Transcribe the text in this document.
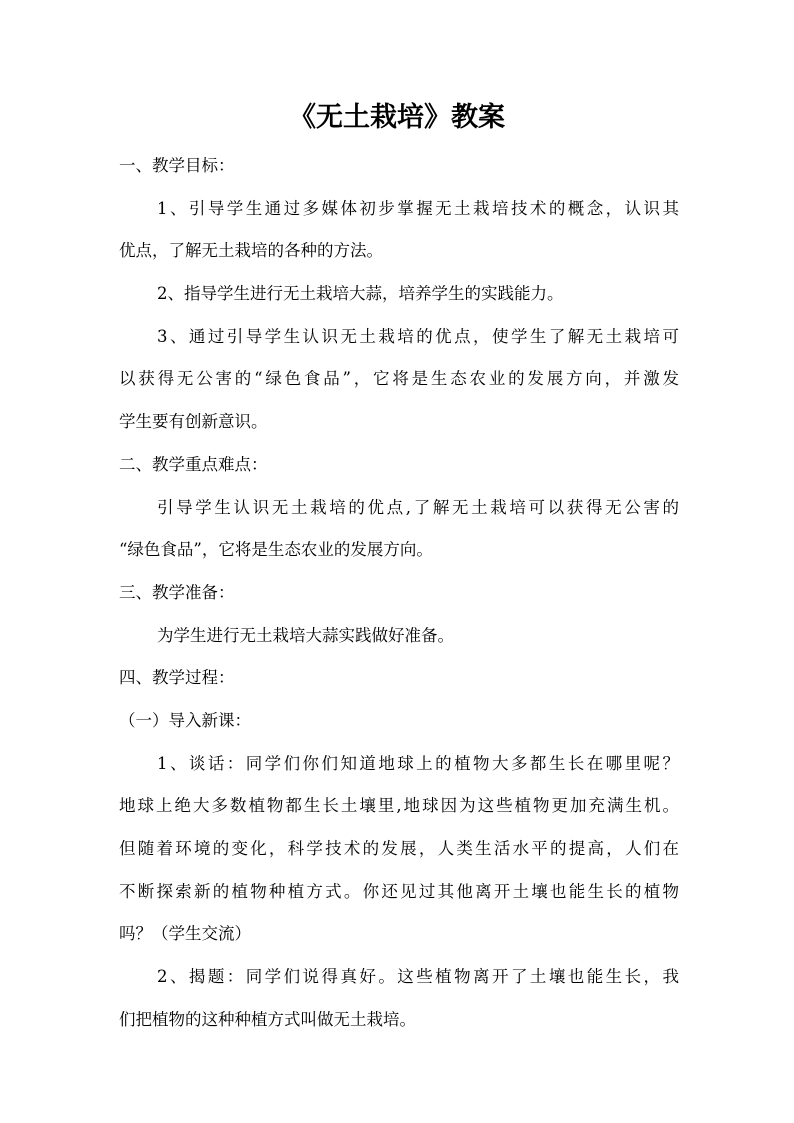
《无土栽培》教案
一、教学目标：
1、引导学生通过多媒体初步掌握无土栽培技术的概念，认识其
优点，了解无土栽培的各种的方法。
2、指导学生进行无土栽培大蒜，培养学生的实践能力。
3、通过引导学生认识无土栽培的优点，使学生了解无土栽培可
以获得无公害的“绿色食品”，它将是生态农业的发展方向，并激发
学生要有创新意识。
二、教学重点难点：
引导学生认识无土栽培的优点,了解无土栽培可以获得无公害的
“绿色食品”，它将是生态农业的发展方向。
三、教学准备：
为学生进行无土栽培大蒜实践做好准备。
四、教学过程：
（一）导入新课：
1、谈话：同学们你们知道地球上的植物大多都生长在哪里呢？
地球上绝大多数植物都生长土壤里,地球因为这些植物更加充满生机。
但随着环境的变化，科学技术的发展，人类生活水平的提高，人们在
不断探索新的植物种植方式。你还见过其他离开土壤也能生长的植物
吗？（学生交流）
2、揭题：同学们说得真好。这些植物离开了土壤也能生长，我
们把植物的这种种植方式叫做无土栽培。
